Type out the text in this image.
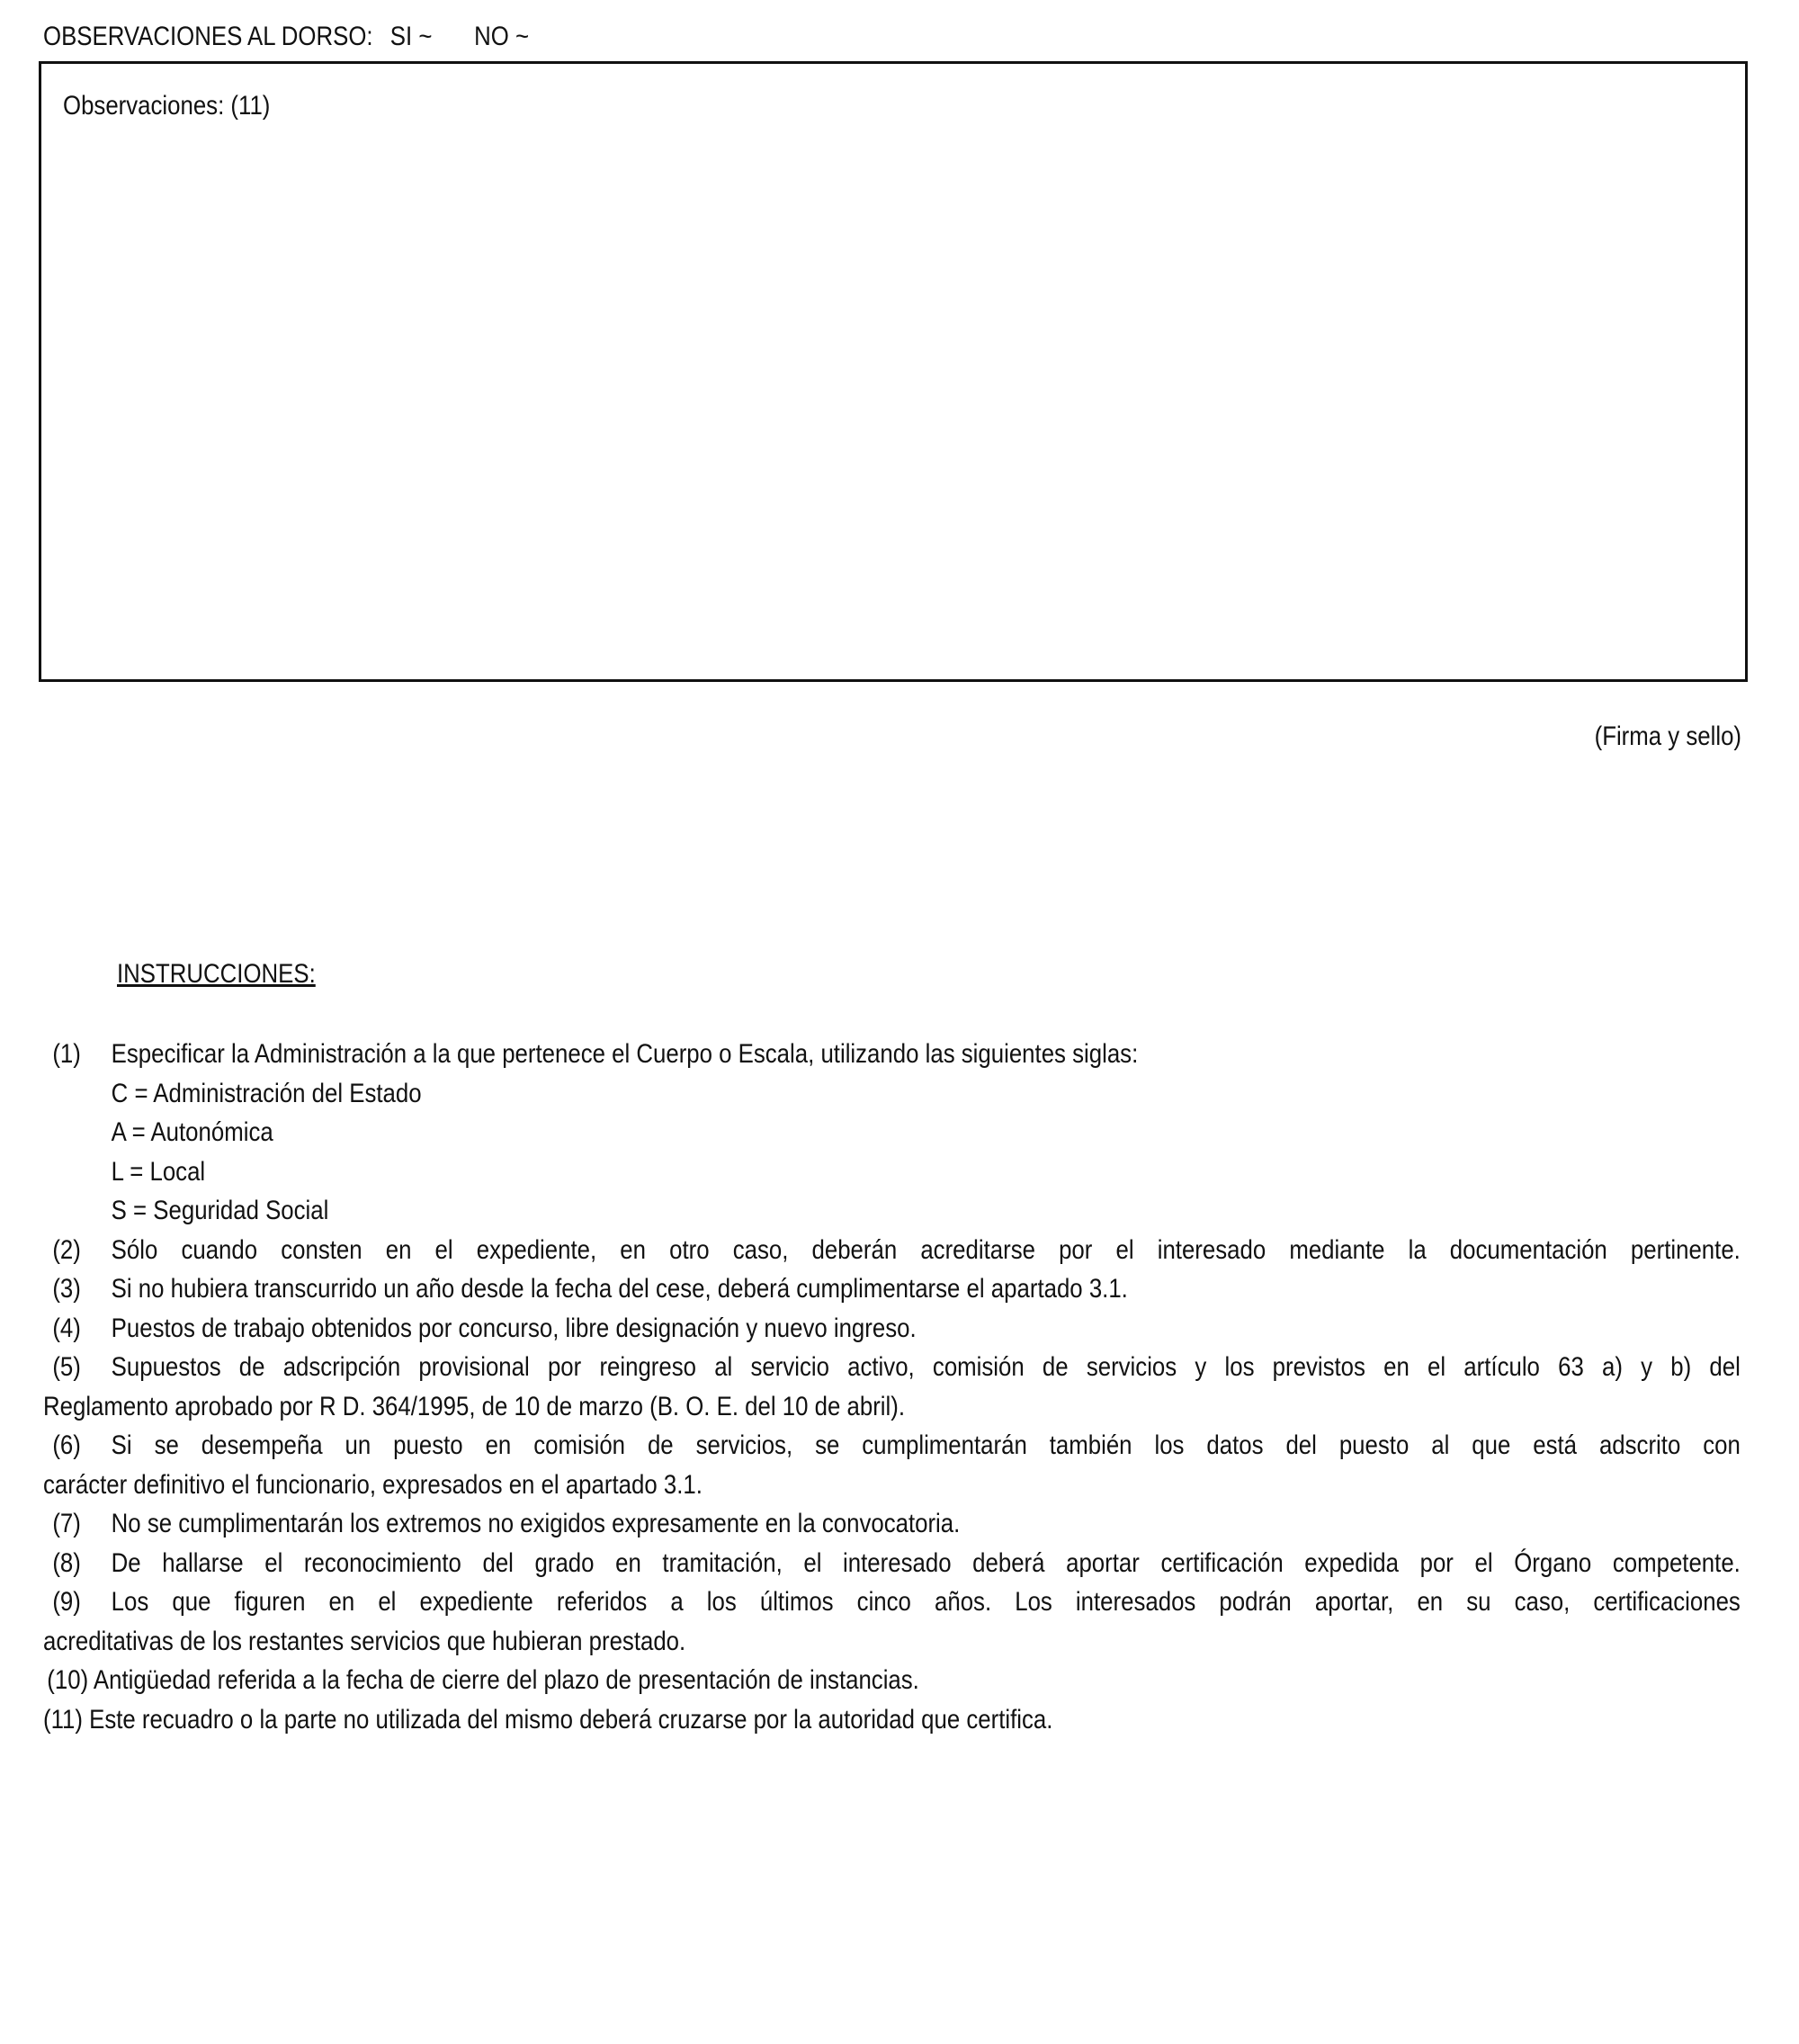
OBSERVACIONES AL DORSO: SI ~ NO ~
Observaciones: (11)
(Firma y sello)
INSTRUCCIONES:
(1) Especificar la Administración a la que pertenece el Cuerpo o Escala, utilizando las siguientes siglas:
C = Administración del Estado
A = Autonómica
L = Local
S = Seguridad Social
(2) Sólo cuando consten en el expediente, en otro caso, deberán acreditarse por el interesado mediante la documentación pertinente.
(3) Si no hubiera transcurrido un año desde la fecha del cese, deberá cumplimentarse el apartado 3.1.
(4) Puestos de trabajo obtenidos por concurso, libre designación y nuevo ingreso.
(5) Supuestos de adscripción provisional por reingreso al servicio activo, comisión de servicios y los previstos en el artículo 63 a) y b) del
Reglamento aprobado por R D. 364/1995, de 10 de marzo (B. O. E. del 10 de abril).
(6) Si se desempeña un puesto en comisión de servicios, se cumplimentarán también los datos del puesto al que está adscrito con
carácter definitivo el funcionario, expresados en el apartado 3.1.
(7) No se cumplimentarán los extremos no exigidos expresamente en la convocatoria.
(8) De hallarse el reconocimiento del grado en tramitación, el interesado deberá aportar certificación expedida por el Órgano competente.
(9) Los que figuren en el expediente referidos a los últimos cinco años. Los interesados podrán aportar, en su caso, certificaciones
acreditativas de los restantes servicios que hubieran prestado.
(10) Antigüedad referida a la fecha de cierre del plazo de presentación de instancias.
(11) Este recuadro o la parte no utilizada del mismo deberá cruzarse por la autoridad que certifica.
